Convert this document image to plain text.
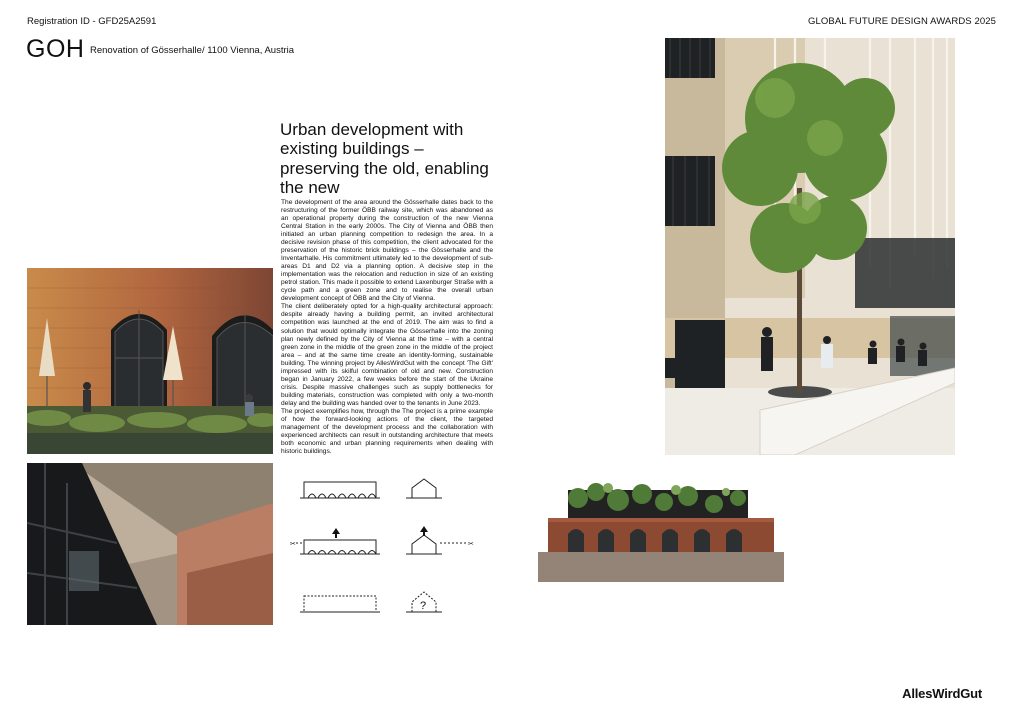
Registration ID - GFD25A2591	GLOBAL FUTURE DESIGN AWARDS 2025
GOH Renovation of Gösserhalle/ 1100 Vienna, Austria
Urban development with existing buildings – preserving the old, enabling the new

The development of the area around the Gösserhalle dates back to the restructuring of the former ÖBB railway site, which was abandoned as an operational property during the construction of the new Vienna Central Station in the early 2000s. The City of Vienna and ÖBB then initiated an urban planning competition to redesign the area. In a decisive revision phase of this competition, the client advocated for the preservation of the historic brick buildings – the Gösserhalle and the Inventarhalle. His commitment ultimately led to the development of sub-areas D1 and D2 via a planning option. A decisive step in the implementation was the relocation and reduction in size of an existing petrol station. This made it possible to extend Laxenburger Straße with a cycle path and a green zone and to realise the overall urban development concept of ÖBB and the City of Vienna.

The client deliberately opted for a high-quality architectural approach: despite already having a building permit, an invited architectural competition was launched at the end of 2019. The aim was to find a solution that would optimally integrate the Gösserhalle into the zoning plan newly defined by the City of Vienna at the time – with a central green zone in the middle of the green zone in the middle of the project area – and at the same time create an identity-forming, sustainable building. The winning project by AllesWirdGut with the concept 'The Gift' impressed with its skilful combination of old and new. Construction began in January 2022, a few weeks before the start of the Ukraine crisis. Despite massive challenges such as supply bottlenecks for building materials, construction was completed with only a two-month delay and the building was handed over to the tenants in June 2023.

The project exemplifies how, through the The project is a prime example of how the forward-looking actions of the client, the targeted management of the development process and the collaboration with experienced architects can result in outstanding architecture that meets both economic and urban planning requirements when dealing with historic buildings.

✂	✂
?
AllesWirdGut
